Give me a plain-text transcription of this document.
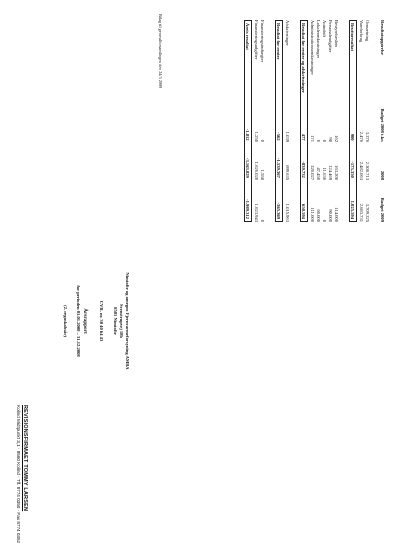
REVISIONSFIRMAET TOMMY LARSEN
Kolind Midtpunkt 3,1 · 8560 Kolind · Tlf. 8774 0350 · Fax 8774 0352
Nimtofte og omegns Fjernvarmeforsyning AMBA
Svenstrupvej 18b
8581 Nimtofte
CVR. nr. 30 40 64 43
Årsrapport
for perioden 01.01.2008 – 31.12.2008
(2. regnskabsår)
Bilag til generalforsamlingen den 24/3 2009	Resultatopgørelse
Budget 2008 t.kr.
2008
Budget 2009
Omsætning
3.376
2.308.713
3.709.325
Vareforbrug
2.476
2.482.063
2.683.731
Bruttoresultat
900
-173.350
1.025.594
Bestyrelsesløn
162
163.200
114.000
Personaleudgifter
90
124.469
90.000
Autodrift
0
11.636
0
Lokaleomkostninger
0
47.450
60.000
Administrationsomkostninger
171
320.027
111.000
Resultat før renter og afskrivninger
477
-839.732
650.594
Afskrivninger
1.039
699.635
1.015.963
Resultat før renter
-562
-1.539.367
-365.369
Finansieringsindtægter
0
1.558
0
Finansieringsudgifter
1.250
1.626.020
1.623.943
Årets resultat
-1.812
-3.163.829
-1.989.312
